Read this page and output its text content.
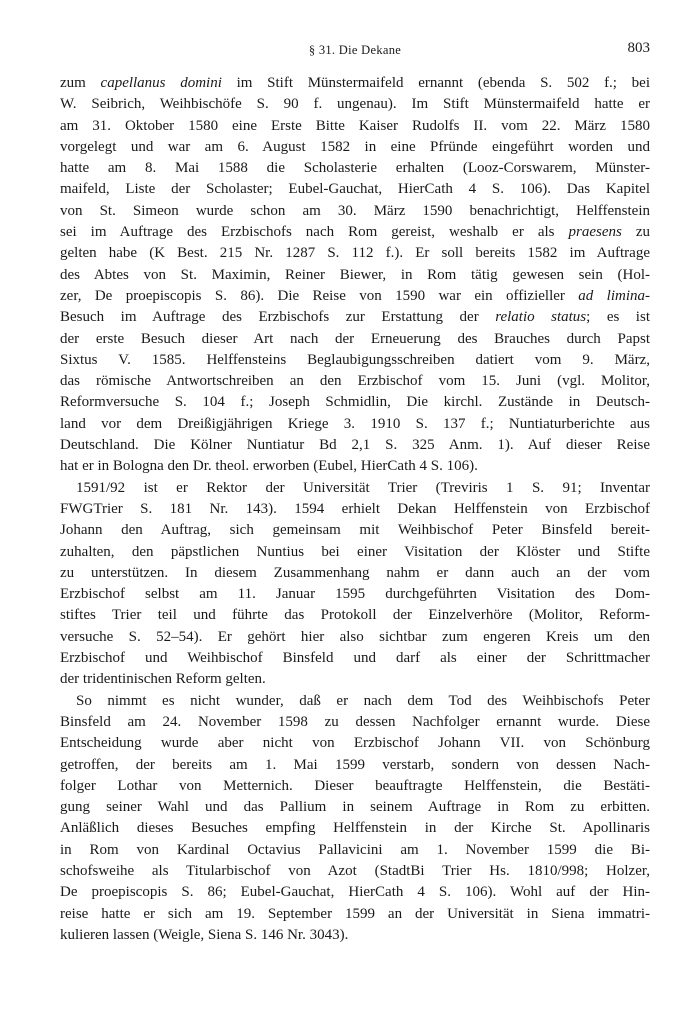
§ 31. Die Dekane	803
zum capellanus domini im Stift Münstermaifeld ernannt (ebenda S. 502 f.; bei
W. Seibrich, Weihbischöfe S. 90 f. ungenau). Im Stift Münstermaifeld hatte er
am 31. Oktober 1580 eine Erste Bitte Kaiser Rudolfs II. vom 22. März 1580
vorgelegt und war am 6. August 1582 in eine Pfründe eingeführt worden und
hatte am 8. Mai 1588 die Scholasterie erhalten (Looz-Corswarem, Münster-
maifeld, Liste der Scholaster; Eubel-Gauchat, HierCath 4 S. 106). Das Kapitel
von St. Simeon wurde schon am 30. März 1590 benachrichtigt, Helffenstein
sei im Auftrage des Erzbischofs nach Rom gereist, weshalb er als praesens zu
gelten habe (K Best. 215 Nr. 1287 S. 112 f.). Er soll bereits 1582 im Auftrage
des Abtes von St. Maximin, Reiner Biewer, in Rom tätig gewesen sein (Hol-
zer, De proepiscopis S. 86). Die Reise von 1590 war ein offizieller ad limina-
Besuch im Auftrage des Erzbischofs zur Erstattung der relatio status; es ist
der erste Besuch dieser Art nach der Erneuerung des Brauches durch Papst
Sixtus V. 1585. Helffensteins Beglaubigungsschreiben datiert vom 9. März,
das römische Antwortschreiben an den Erzbischof vom 15. Juni (vgl. Molitor,
Reformversuche S. 104 f.; Joseph Schmidlin, Die kirchl. Zustände in Deutsch-
land vor dem Dreißigjährigen Kriege 3. 1910 S. 137 f.; Nuntiaturberichte aus
Deutschland. Die Kölner Nuntiatur Bd 2,1 S. 325 Anm. 1). Auf dieser Reise
hat er in Bologna den Dr. theol. erworben (Eubel, HierCath 4 S. 106).
1591/92 ist er Rektor der Universität Trier (Treviris 1 S. 91; Inventar
FWGTrier S. 181 Nr. 143). 1594 erhielt Dekan Helffenstein von Erzbischof
Johann den Auftrag, sich gemeinsam mit Weihbischof Peter Binsfeld bereit-
zuhalten, den päpstlichen Nuntius bei einer Visitation der Klöster und Stifte
zu unterstützen. In diesem Zusammenhang nahm er dann auch an der vom
Erzbischof selbst am 11. Januar 1595 durchgeführten Visitation des Dom-
stiftes Trier teil und führte das Protokoll der Einzelverhöre (Molitor, Reform-
versuche S. 52–54). Er gehört hier also sichtbar zum engeren Kreis um den
Erzbischof und Weihbischof Binsfeld und darf als einer der Schrittmacher
der tridentinischen Reform gelten.
So nimmt es nicht wunder, daß er nach dem Tod des Weihbischofs Peter
Binsfeld am 24. November 1598 zu dessen Nachfolger ernannt wurde. Diese
Entscheidung wurde aber nicht von Erzbischof Johann VII. von Schönburg
getroffen, der bereits am 1. Mai 1599 verstarb, sondern von dessen Nach-
folger Lothar von Metternich. Dieser beauftragte Helffenstein, die Bestäti-
gung seiner Wahl und das Pallium in seinem Auftrage in Rom zu erbitten.
Anläßlich dieses Besuches empfing Helffenstein in der Kirche St. Apollinaris
in Rom von Kardinal Octavius Pallavicini am 1. November 1599 die Bi-
schofsweihe als Titularbischof von Azot (StadtBi Trier Hs. 1810/998; Holzer,
De proepiscopis S. 86; Eubel-Gauchat, HierCath 4 S. 106). Wohl auf der Hin-
reise hatte er sich am 19. September 1599 an der Universität in Siena immatri-
kulieren lassen (Weigle, Siena S. 146 Nr. 3043).
